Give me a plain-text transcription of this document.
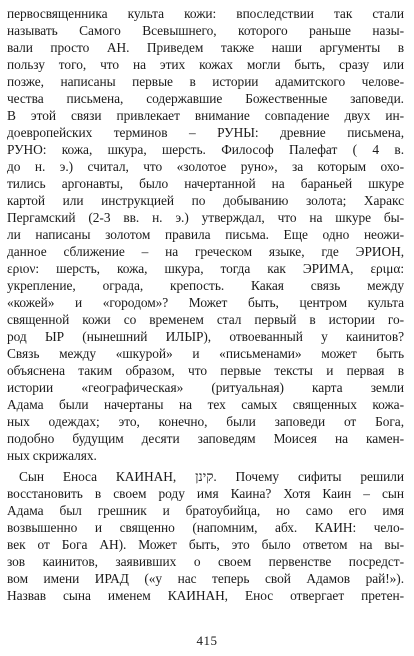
первосвященника культа кожи: впоследствии так стали
называть Самого Всевышнего, которого раньше назы-
вали просто АН. Приведем также наши аргументы в
пользу того, что на этих кожах могли быть, сразу или
позже, написаны первые в истории адамитского челове-
чества письмена, содержавшие Божественные заповеди.
В этой связи привлекает внимание совпадение двух ин-
доевропейских терминов – РУНЫ: древние письмена,
РУНО: кожа, шкура, шерсть. Философ Палефат ( 4 в.
до н. э.) считал, что «золотое руно», за которым охо-
тились аргонавты, было начертанной на бараньей шкуре
картой или инструкцией по добыванию золота; Харакс
Пергамский (2-3 вв. н. э.) утверждал, что на шкуре бы-
ли написаны золотом правила письма. Еще одно неожи-
данное сближение – на греческом языке, где ЭРИОН,
εριον: шерсть, кожа, шкура, тогда как ЭРИМА, εριμα:
укрепление, ограда, крепость. Какая связь между
«кожей» и «городом»? Может быть, центром культа
священной кожи со временем стал первый в истории го-
род ЫР (нынешний ИЛЫР), отвоеванный у каинитов?
Связь между «шкурой» и «письменами» может быть
объяснена таким образом, что первые тексты и первая в
истории «географическая» (ритуальная) карта земли
Адама были начертаны на тех самых священных кожа-
ных одеждах; это, конечно, были заповеди от Бога,
подобно будущим десяти заповедям Моисея на камен-
ных скрижалях.
Сын Еноса КАИНАН, קינן. Почему сифиты решили
восстановить в своем роду имя Каина? Хотя Каин – сын
Адама был грешник и братоубийца, но само его имя
возвышенно и священно (напомним, абх. КАИН: чело-
век от Бога АН). Может быть, это было ответом на вы-
зов каинитов, заявивших о своем первенстве посредст-
вом имени ИРАД («у нас теперь свой Адамов рай!»).
Назвав сына именем КАИНАН, Енос отвергает претен-
415
